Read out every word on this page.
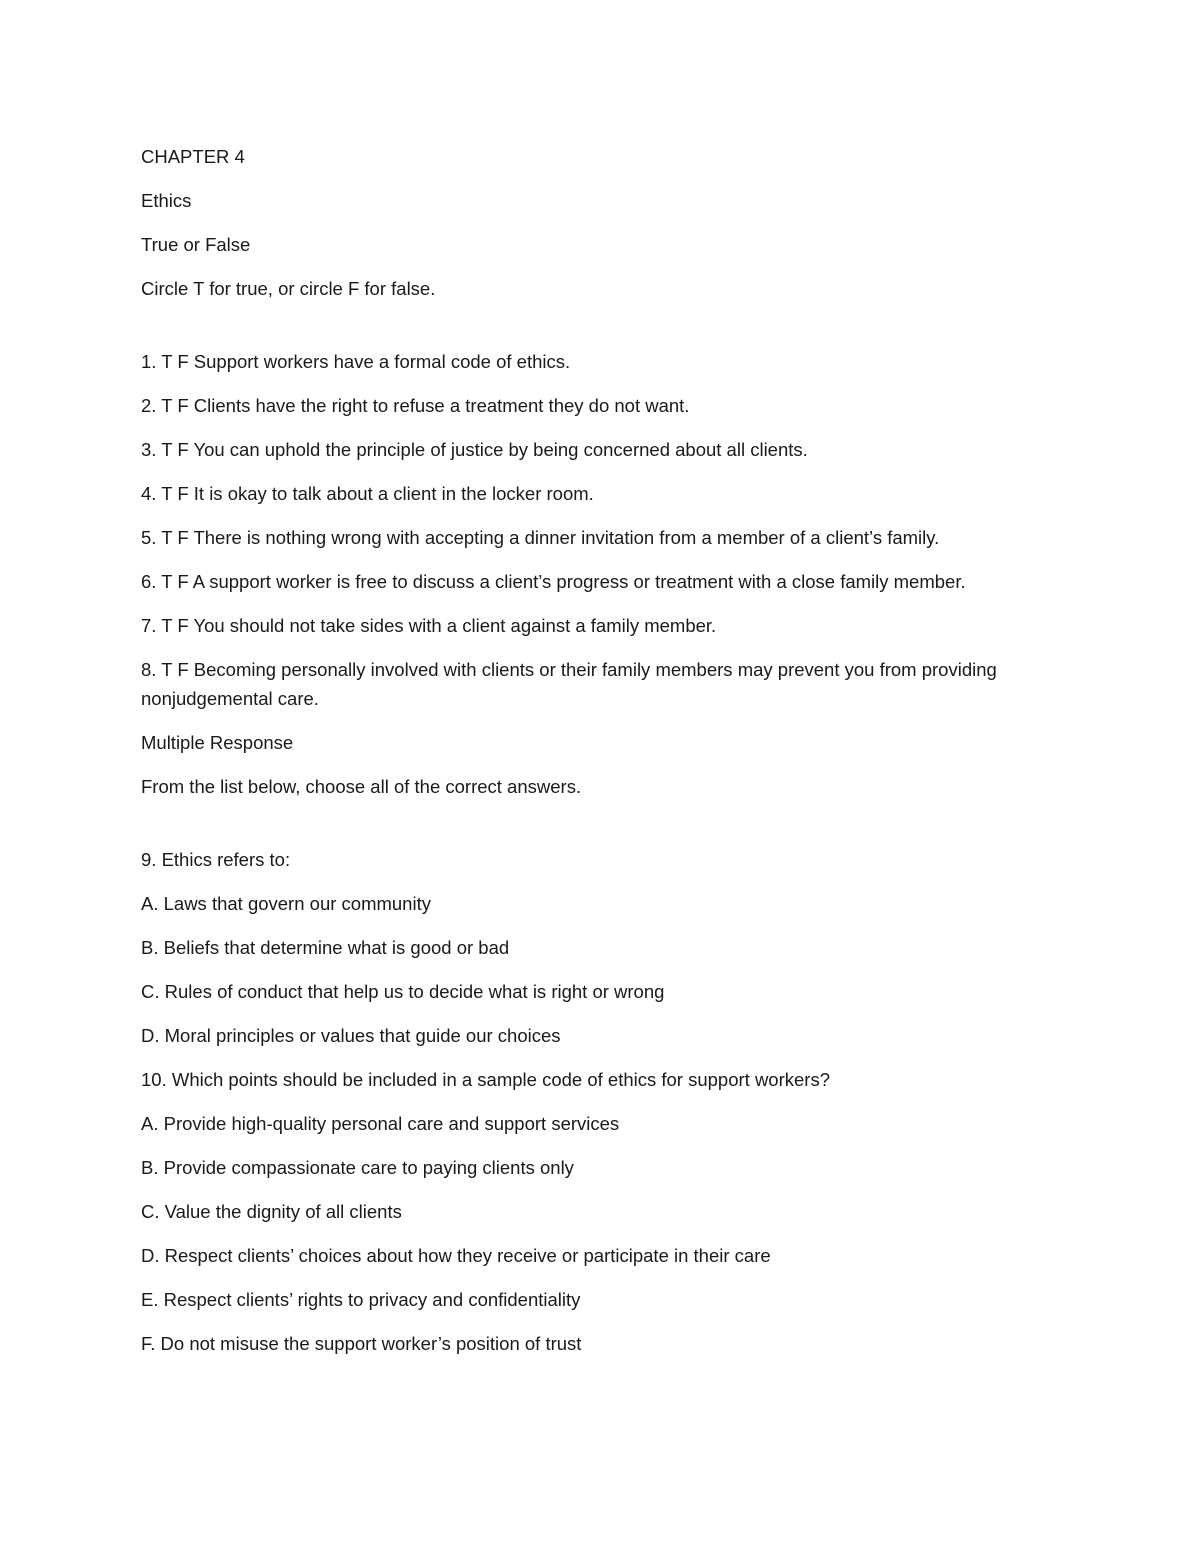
CHAPTER 4

Ethics

True or False

Circle T for true, or circle F for false.

1. T F Support workers have a formal code of ethics.

2. T F Clients have the right to refuse a treatment they do not want.

3. T F You can uphold the principle of justice by being concerned about all clients.

4. T F It is okay to talk about a client in the locker room.

5. T F There is nothing wrong with accepting a dinner invitation from a member of a client’s family.

6. T F A support worker is free to discuss a client’s progress or treatment with a close family member.

7. T F You should not take sides with a client against a family member.

8. T F Becoming personally involved with clients or their family members may prevent you from providing nonjudgemental care.

Multiple Response

From the list below, choose all of the correct answers.

9. Ethics refers to:

A. Laws that govern our community

B. Beliefs that determine what is good or bad

C. Rules of conduct that help us to decide what is right or wrong

D. Moral principles or values that guide our choices

10. Which points should be included in a sample code of ethics for support workers?

A. Provide high-quality personal care and support services

B. Provide compassionate care to paying clients only

C. Value the dignity of all clients

D. Respect clients’ choices about how they receive or participate in their care

E. Respect clients’ rights to privacy and confidentiality

F. Do not misuse the support worker’s position of trust
